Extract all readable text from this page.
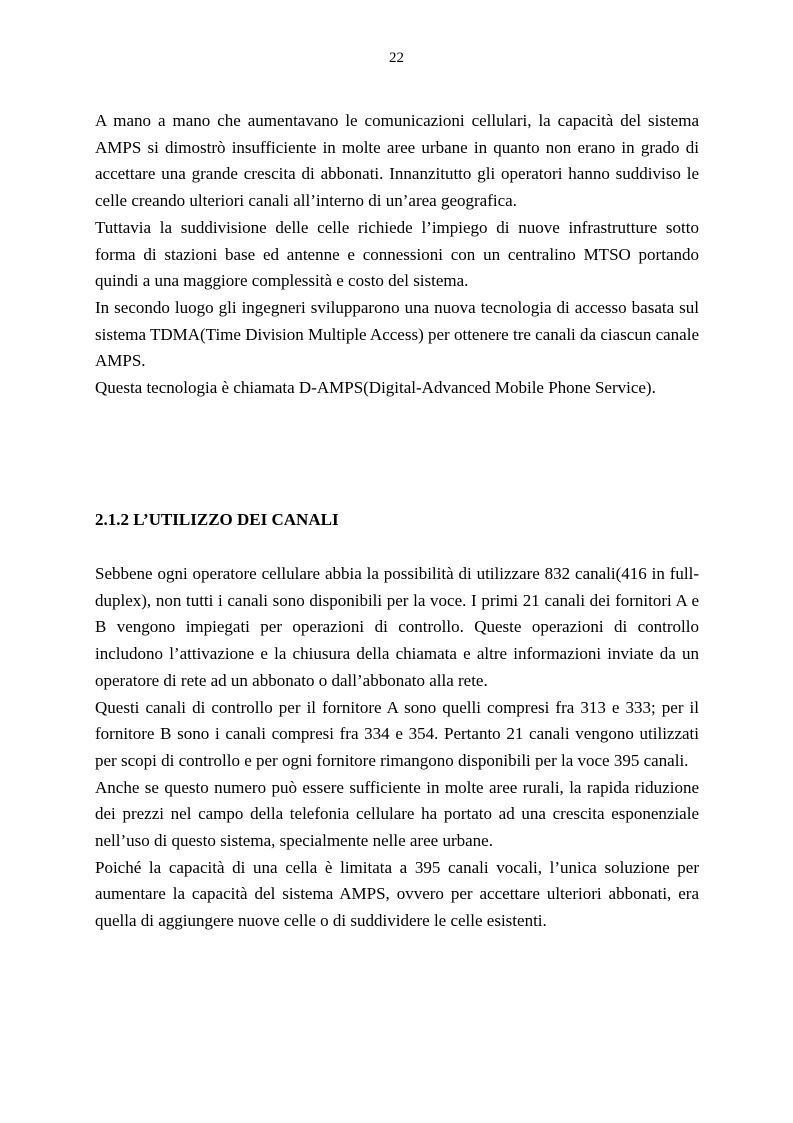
22

A mano a mano che aumentavano le comunicazioni cellulari, la capacità del sistema AMPS si dimostrò insufficiente in molte aree urbane in quanto non erano in grado di accettare una grande crescita di abbonati. Innanzitutto gli operatori hanno suddiviso le celle creando ulteriori canali all’interno di un’area geografica.

Tuttavia la suddivisione delle celle richiede l’impiego di nuove infrastrutture sotto forma di stazioni base ed antenne e connessioni con un centralino MTSO portando quindi a una maggiore complessità e costo del sistema.

In secondo luogo gli ingegneri svilupparono una nuova tecnologia di accesso basata sul sistema TDMA(Time Division Multiple Access) per ottenere tre canali da ciascun canale AMPS.

Questa tecnologia è chiamata D-AMPS(Digital-Advanced Mobile Phone Service).

2.1.2 L’UTILIZZO DEI CANALI

Sebbene ogni operatore cellulare abbia la possibilità di utilizzare 832 canali(416 in full-duplex), non tutti i canali sono disponibili per la voce. I primi 21 canali dei fornitori A e B vengono impiegati per operazioni di controllo. Queste operazioni di controllo includono l’attivazione e la chiusura della chiamata e altre informazioni inviate da un operatore di rete ad un abbonato o dall’abbonato alla rete.

Questi canali di controllo per il fornitore A sono quelli compresi fra 313 e 333; per il fornitore B sono i canali compresi fra 334 e 354. Pertanto 21 canali vengono utilizzati per scopi di controllo e per ogni fornitore rimangono disponibili per la voce 395 canali.

Anche se questo numero può essere sufficiente in molte aree rurali, la rapida riduzione dei prezzi nel campo della telefonia cellulare ha portato ad una crescita esponenziale nell’uso di questo sistema, specialmente nelle aree urbane.

Poiché la capacità di una cella è limitata a 395 canali vocali, l’unica soluzione per aumentare la capacità del sistema AMPS, ovvero per accettare ulteriori abbonati, era quella di aggiungere nuove celle o di suddividere le celle esistenti.
